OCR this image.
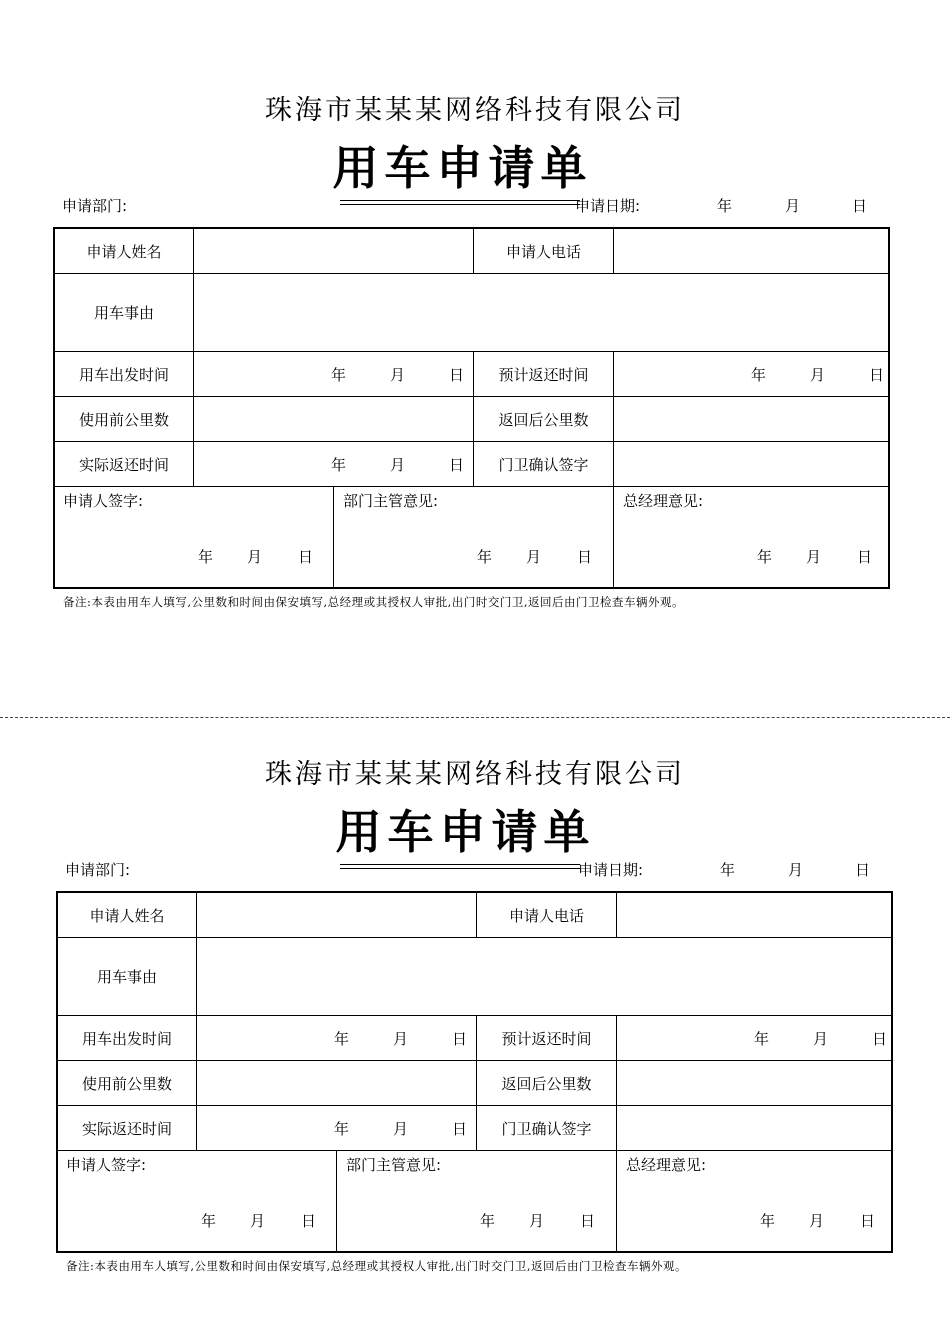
珠海市某某某网络科技有限公司
用车申请单
申请部门:	申请日期:	年	月	日
申请人姓名	申请人电话
用车事由
用车出发时间	年	月	日	预计返还时间	年	月	日
使用前公里数	返回后公里数
实际返还时间	年	月	日	门卫确认签字
申请人签字:
年 月 日
部门主管意见:
年 月 日
总经理意见:
年 月 日
备注:本表由用车人填写,公里数和时间由保安填写,总经理或其授权人审批,出门时交门卫,返回后由门卫检查车辆外观。
珠海市某某某网络科技有限公司
用车申请单
申请部门:	申请日期:	年	月	日
申请人姓名	申请人电话
用车事由
用车出发时间	年	月	日	预计返还时间	年	月	日
使用前公里数	返回后公里数
实际返还时间	年	月	日	门卫确认签字
申请人签字:
年 月 日
部门主管意见:
年 月 日
总经理意见:
年 月 日
备注:本表由用车人填写,公里数和时间由保安填写,总经理或其授权人审批,出门时交门卫,返回后由门卫检查车辆外观。
